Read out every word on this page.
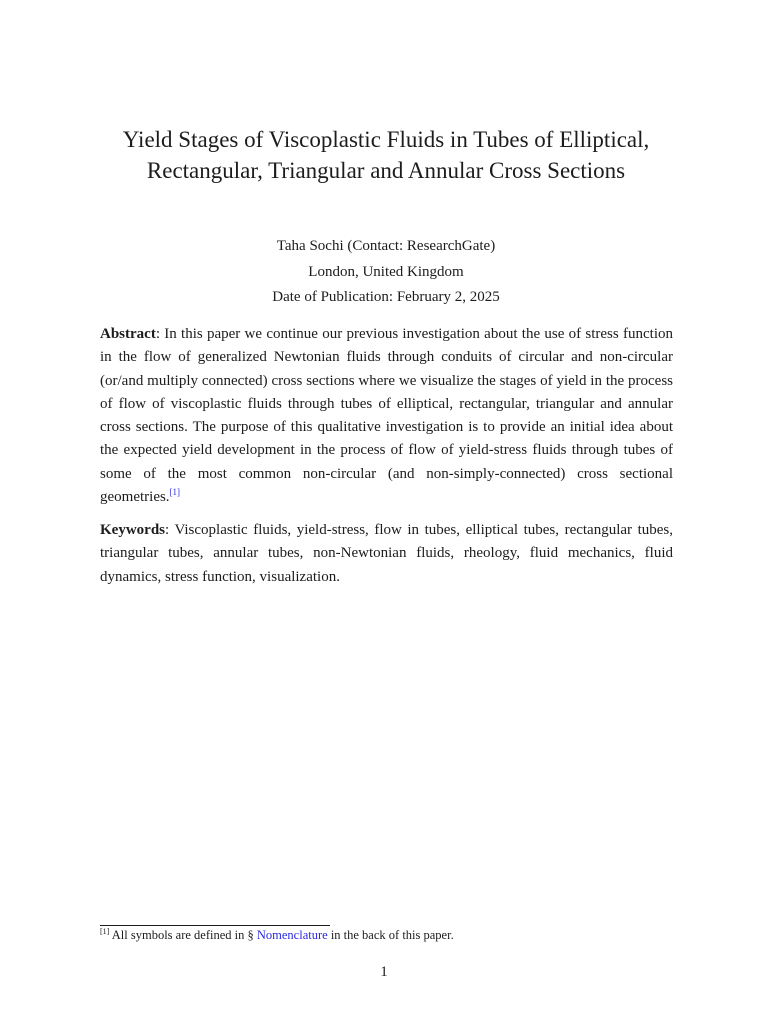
Yield Stages of Viscoplastic Fluids in Tubes of Elliptical, Rectangular, Triangular and Annular Cross Sections
Taha Sochi (Contact: ResearchGate)
London, United Kingdom
Date of Publication: February 2, 2025

Abstract: In this paper we continue our previous investigation about the use of stress function in the flow of generalized Newtonian fluids through conduits of circular and non-circular (or/and multiply connected) cross sections where we visualize the stages of yield in the process of flow of viscoplastic fluids through tubes of elliptical, rectangular, triangular and annular cross sections. The purpose of this qualitative investigation is to provide an initial idea about the expected yield development in the process of flow of yield-stress fluids through tubes of some of the most common non-circular (and non-simply-connected) cross sectional geometries.[1]

Keywords: Viscoplastic fluids, yield-stress, flow in tubes, elliptical tubes, rectangular tubes, triangular tubes, annular tubes, non-Newtonian fluids, rheology, fluid mechanics, fluid dynamics, stress function, visualization.

[1] All symbols are defined in § Nomenclature in the back of this paper.
1
